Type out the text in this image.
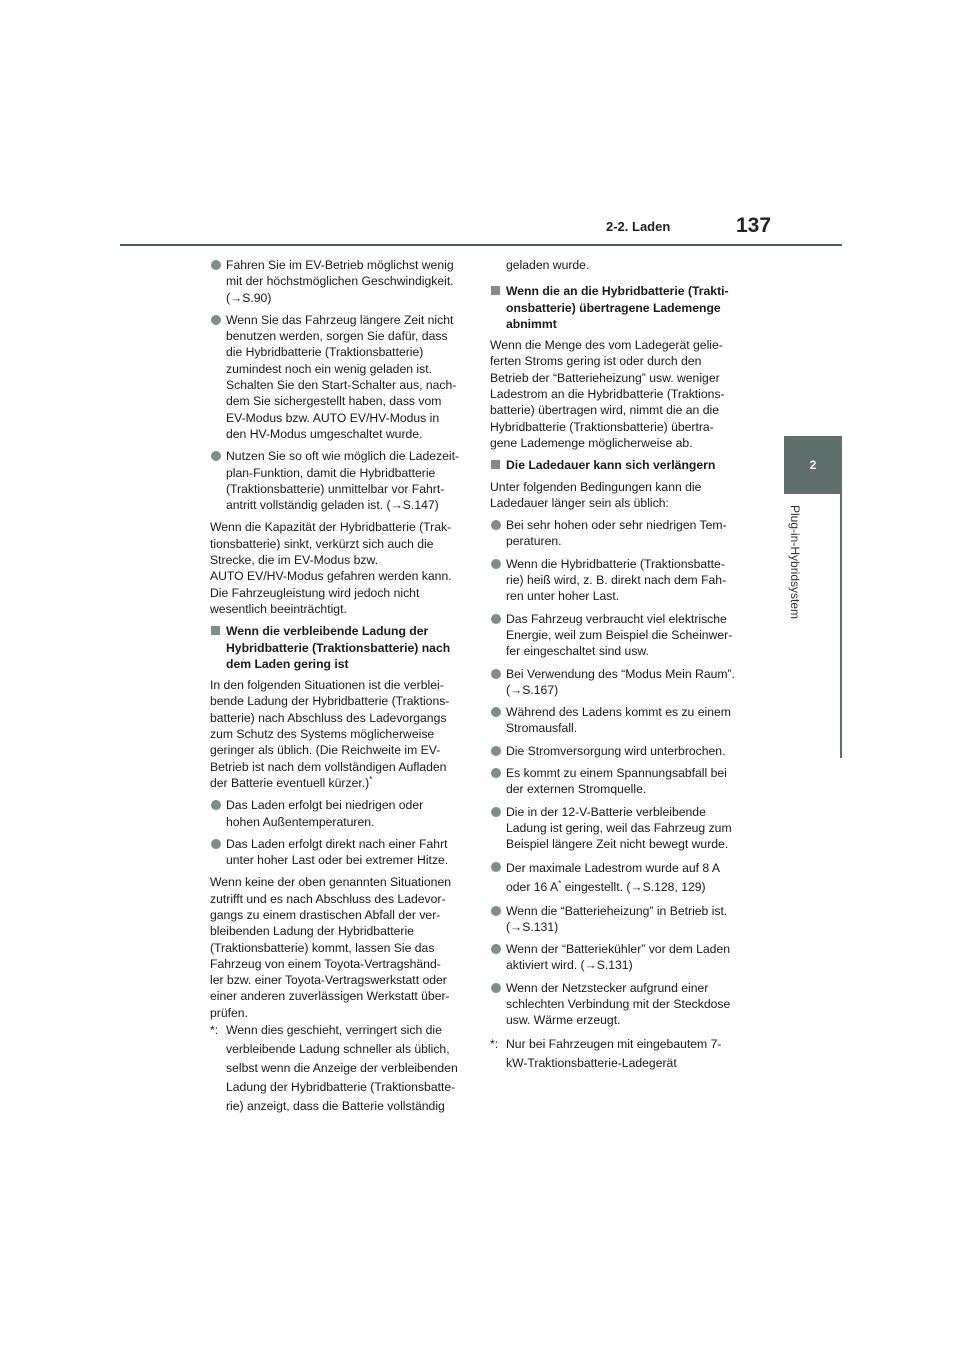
2-2. Laden	137
2
Plug-in-Hybridsystem
Fahren Sie im EV-Betrieb möglichst wenig
mit der höchstmöglichen Geschwindigkeit.
(→S.90)
Wenn Sie das Fahrzeug längere Zeit nicht
benutzen werden, sorgen Sie dafür, dass
die Hybridbatterie (Traktionsbatterie)
zumindest noch ein wenig geladen ist.
Schalten Sie den Start-Schalter aus, nach-
dem Sie sichergestellt haben, dass vom
EV-Modus bzw. AUTO EV/HV-Modus in
den HV-Modus umgeschaltet wurde.
Nutzen Sie so oft wie möglich die Ladezeit-
plan-Funktion, damit die Hybridbatterie
(Traktionsbatterie) unmittelbar vor Fahrt-
antritt vollständig geladen ist. (→S.147)
Wenn die Kapazität der Hybridbatterie (Trak-
tionsbatterie) sinkt, verkürzt sich auch die
Strecke, die im EV-Modus bzw.
AUTO EV/HV-Modus gefahren werden kann.
Die Fahrzeugleistung wird jedoch nicht
wesentlich beeinträchtigt.
Wenn die verbleibende Ladung der
Hybridbatterie (Traktionsbatterie) nach
dem Laden gering ist
In den folgenden Situationen ist die verblei-
bende Ladung der Hybridbatterie (Traktions-
batterie) nach Abschluss des Ladevorgangs
zum Schutz des Systems möglicherweise
geringer als üblich. (Die Reichweite im EV-
Betrieb ist nach dem vollständigen Aufladen
der Batterie eventuell kürzer.)*
Das Laden erfolgt bei niedrigen oder
hohen Außentemperaturen.
Das Laden erfolgt direkt nach einer Fahrt
unter hoher Last oder bei extremer Hitze.
Wenn keine der oben genannten Situationen
zutrifft und es nach Abschluss des Ladevor-
gangs zu einem drastischen Abfall der ver-
bleibenden Ladung der Hybridbatterie
(Traktionsbatterie) kommt, lassen Sie das
Fahrzeug von einem Toyota-Vertragshänd-
ler bzw. einer Toyota-Vertragswerkstatt oder
einer anderen zuverlässigen Werkstatt über-
prüfen.
*: Wenn dies geschieht, verringert sich die
verbleibende Ladung schneller als üblich,
selbst wenn die Anzeige der verbleibenden
Ladung der Hybridbatterie (Traktionsbatte-
rie) anzeigt, dass die Batterie vollständig
geladen wurde.
Wenn die an die Hybridbatterie (Trakti-
onsbatterie) übertragene Lademenge
abnimmt
Wenn die Menge des vom Ladegerät gelie-
ferten Stroms gering ist oder durch den
Betrieb der “Batterieheizung” usw. weniger
Ladestrom an die Hybridbatterie (Traktions-
batterie) übertragen wird, nimmt die an die
Hybridbatterie (Traktionsbatterie) übertra-
gene Lademenge möglicherweise ab.
Die Ladedauer kann sich verlängern
Unter folgenden Bedingungen kann die
Ladedauer länger sein als üblich:
Bei sehr hohen oder sehr niedrigen Tem-
peraturen.
Wenn die Hybridbatterie (Traktionsbatte-
rie) heiß wird, z. B. direkt nach dem Fah-
ren unter hoher Last.
Das Fahrzeug verbraucht viel elektrische
Energie, weil zum Beispiel die Scheinwer-
fer eingeschaltet sind usw.
Bei Verwendung des “Modus Mein Raum”.
(→S.167)
Während des Ladens kommt es zu einem
Stromausfall.
Die Stromversorgung wird unterbrochen.
Es kommt zu einem Spannungsabfall bei
der externen Stromquelle.
Die in der 12-V-Batterie verbleibende
Ladung ist gering, weil das Fahrzeug zum
Beispiel längere Zeit nicht bewegt wurde.
Der maximale Ladestrom wurde auf 8 A
oder 16 A* eingestellt. (→S.128, 129)
Wenn die “Batterieheizung” in Betrieb ist.
(→S.131)
Wenn der “Batteriekühler” vor dem Laden
aktiviert wird. (→S.131)
Wenn der Netzstecker aufgrund einer
schlechten Verbindung mit der Steckdose
usw. Wärme erzeugt.
*: Nur bei Fahrzeugen mit eingebautem 7-
kW-Traktionsbatterie-Ladegerät
